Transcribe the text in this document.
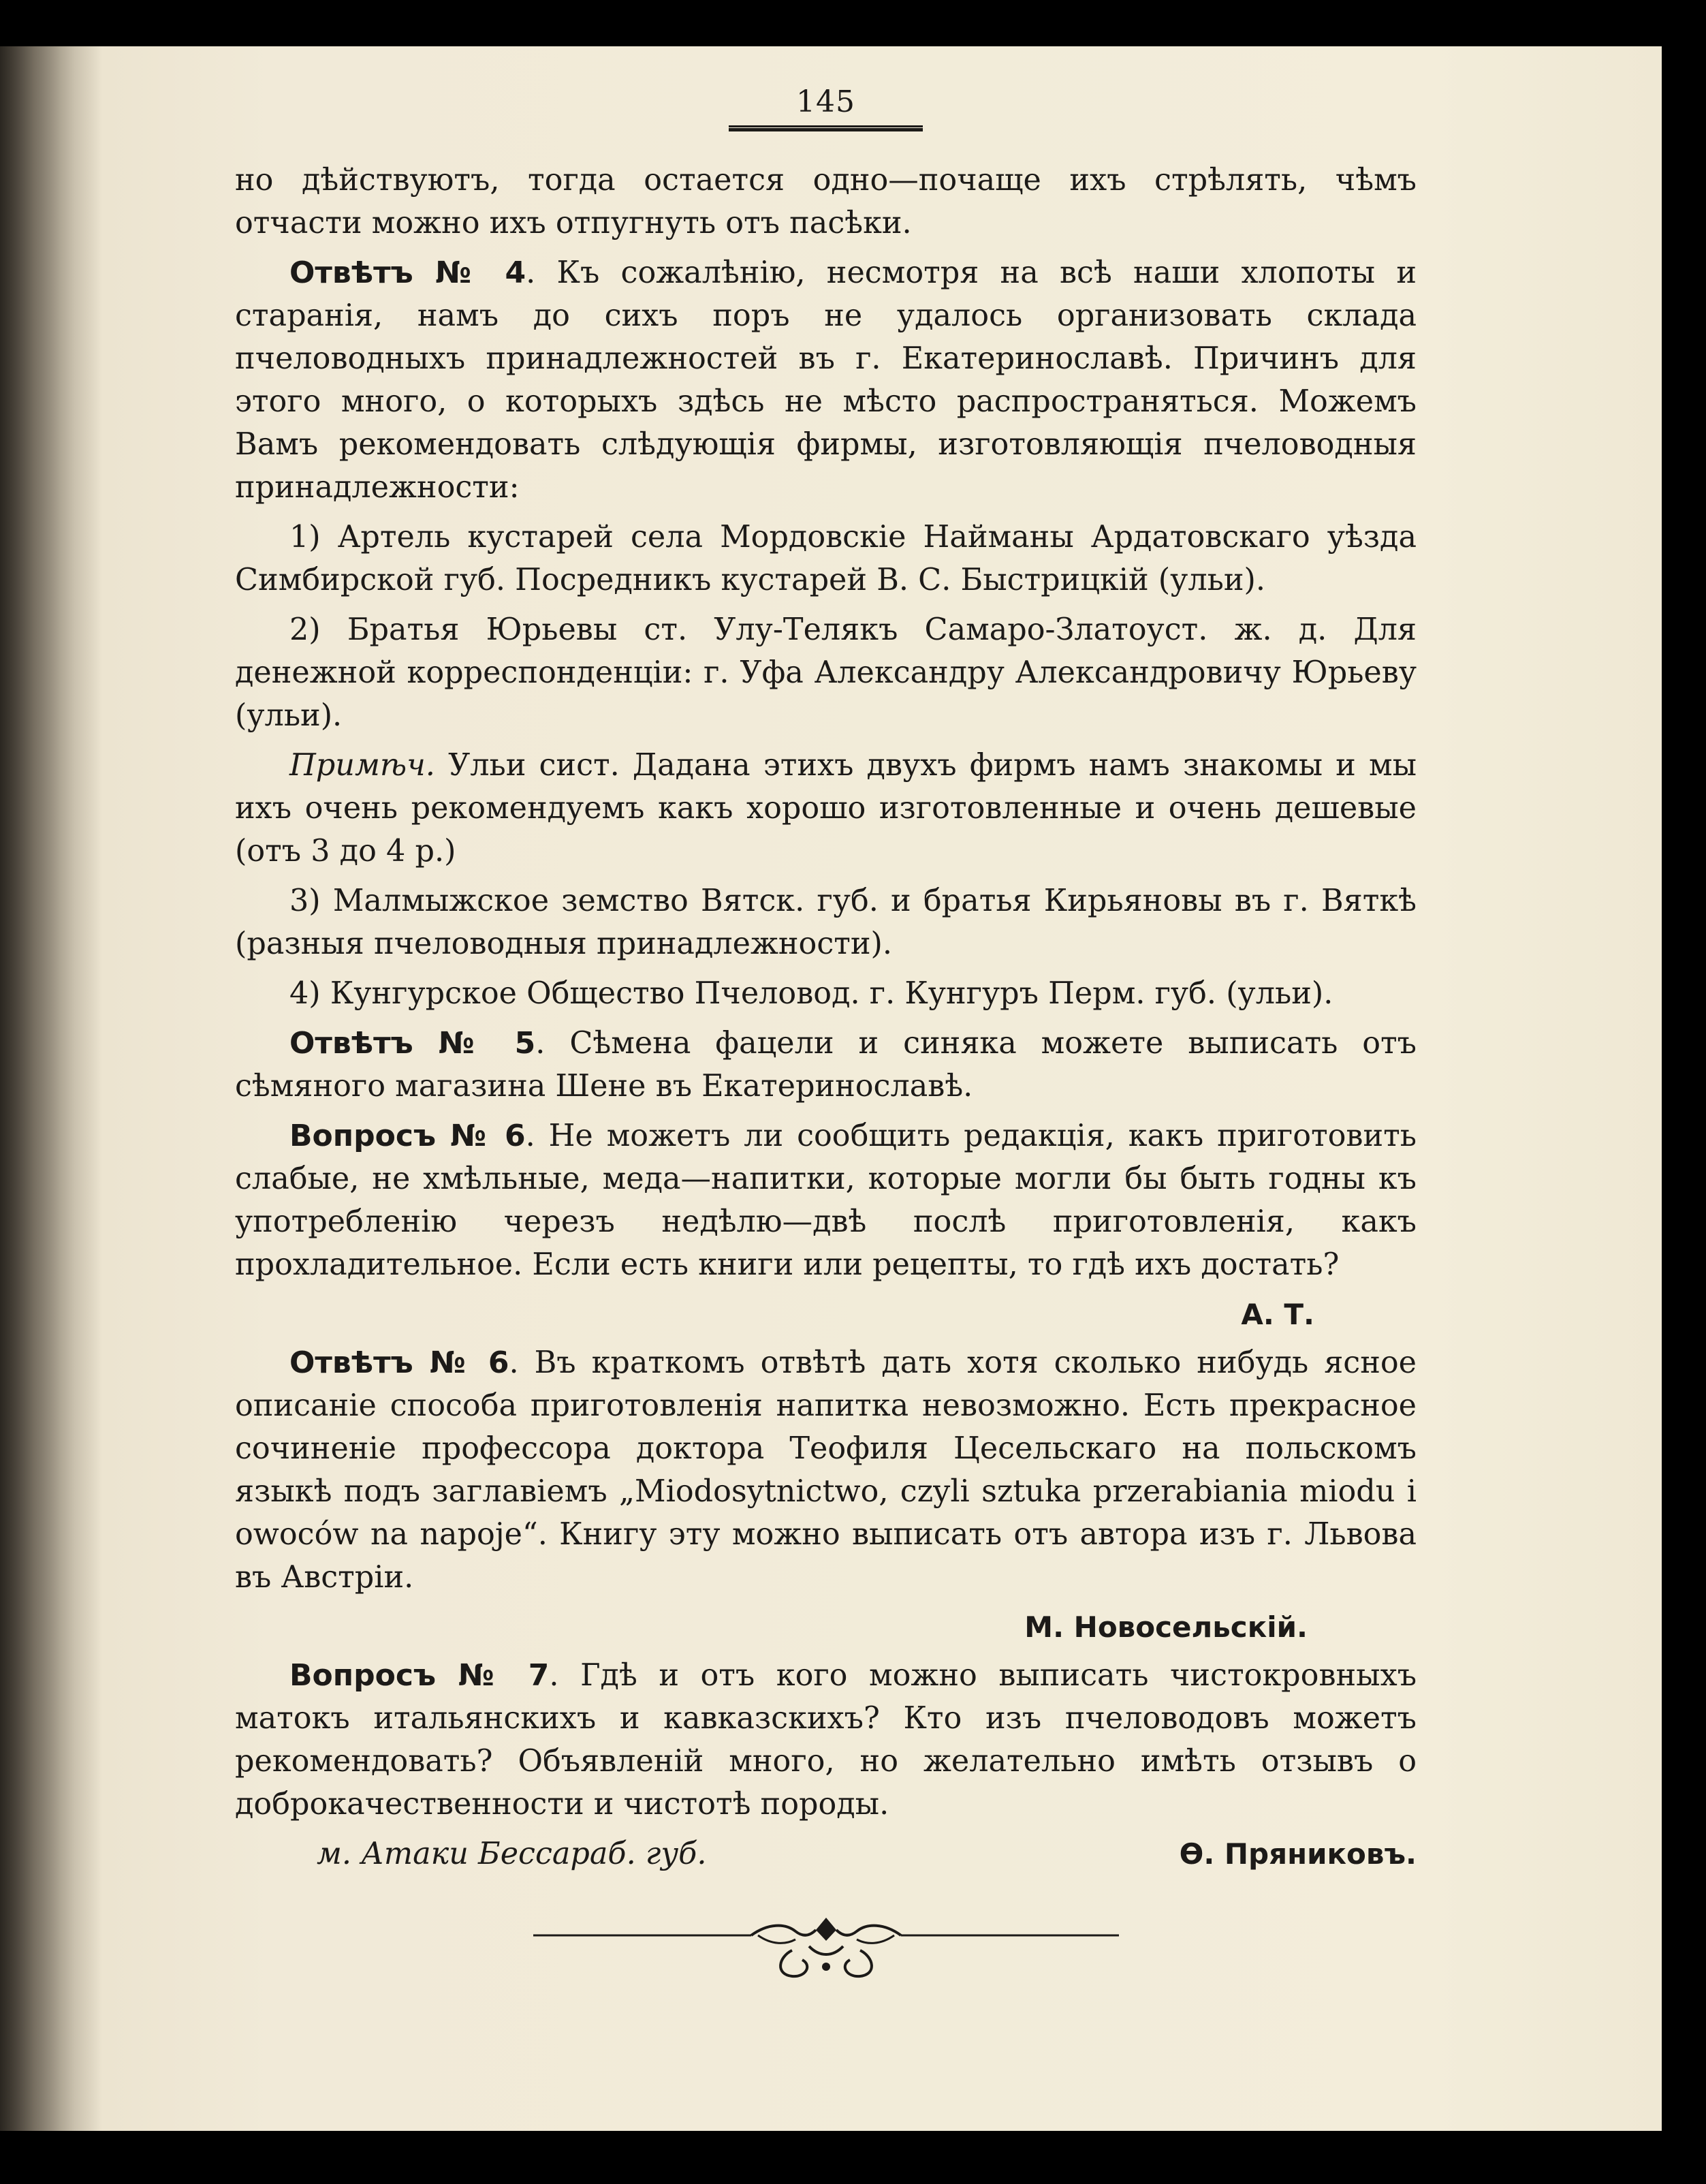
145

но дѣйствуютъ, тогда остается одно—почаще ихъ стрѣлять, чѣмъ отчасти можно ихъ отпугнуть отъ пасѣки.

Отвѣтъ № 4. Къ сожалѣнію, несмотря на всѣ наши хлопоты и старанія, намъ до сихъ поръ не удалось организовать склада пчеловодныхъ принадлежностей въ г. Екатеринославѣ. Причинъ для этого много, о которыхъ здѣсь не мѣсто распространяться. Можемъ Вамъ рекомендовать слѣдующія фирмы, изготовляющія пчеловодныя принадлежности:

1) Артель кустарей села Мордовскіе Найманы Ардатовскаго уѣзда Симбирской губ. Посредникъ кустарей В. С. Быстрицкій (ульи).

2) Братья Юрьевы ст. Улу-Телякъ Самаро-Златоуст. ж. д. Для денежной корреспонденціи: г. Уфа Александру Александровичу Юрьеву (ульи).

Примѣч. Ульи сист. Дадана этихъ двухъ фирмъ намъ знакомы и мы ихъ очень рекомендуемъ какъ хорошо изготовленные и очень дешевые (отъ 3 до 4 р.)

3) Малмыжское земство Вятск. губ. и братья Кирьяновы въ г. Вяткѣ (разныя пчеловодныя принадлежности).

4) Кунгурское Общество Пчеловод. г. Кунгуръ Перм. губ. (ульи).

Отвѣтъ № 5. Сѣмена фацели и синяка можете выписать отъ сѣмяного магазина Шене въ Екатеринославѣ.

Вопросъ № 6. Не можетъ ли сообщить редакція, какъ приготовить слабые, не хмѣльные, меда—напитки, которые могли бы быть годны къ употребленію черезъ недѣлю—двѣ послѣ приготовленія, какъ прохладительное. Если есть книги или рецепты, то гдѣ ихъ достать?

А. Т.

Отвѣтъ № 6. Въ краткомъ отвѣтѣ дать хотя сколько нибудь ясное описаніе способа приготовленія напитка невозможно. Есть прекрасное сочиненіе профессора доктора Теофиля Цесельскаго на польскомъ языкѣ подъ заглавіемъ „Miodosytnictwo, czyli sztuka przerabiania miodu i owoców na napoje“. Книгу эту можно выписать отъ автора изъ г. Львова въ Австріи.

М. Новосельскій.

Вопросъ № 7. Гдѣ и отъ кого можно выписать чистокровныхъ матокъ итальянскихъ и кавказскихъ? Кто изъ пчеловодовъ можетъ рекомендовать? Объявленій много, но желательно имѣть отзывъ о доброкачественности и чистотѣ породы.

м. Атаки Бессараб. губ.	Ѳ. Пряниковъ.
